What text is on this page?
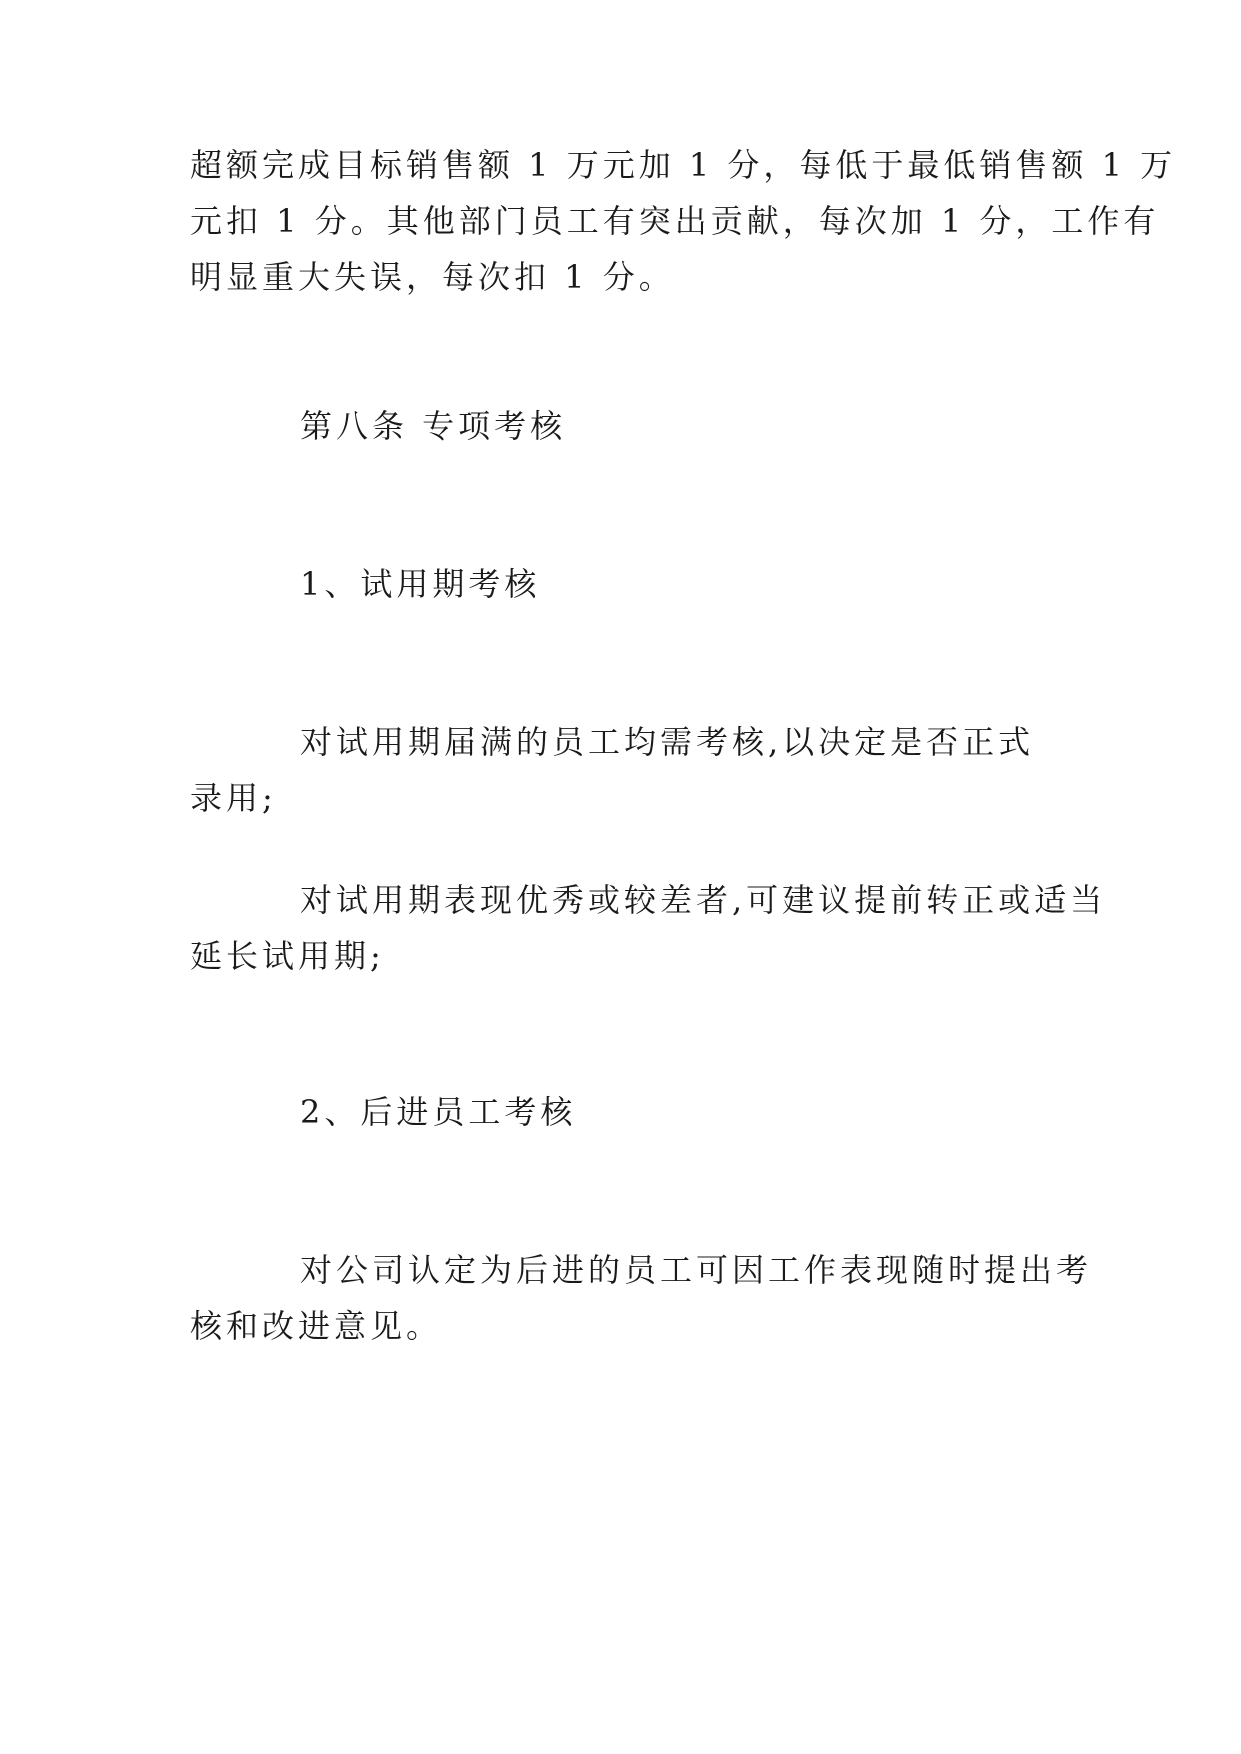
超额完成目标销售额 1 万元加 1 分，每低于最低销售额 1 万
元扣 1 分。其他部门员工有突出贡献，每次加 1 分，工作有
明显重大失误，每次扣 1 分。

第八条 专项考核

1、试用期考核

对试用期届满的员工均需考核,以决定是否正式录用;

对试用期表现优秀或较差者,可建议提前转正或适当
延长试用期;

2、后进员工考核

对公司认定为后进的员工可因工作表现随时提出考
核和改进意见。
